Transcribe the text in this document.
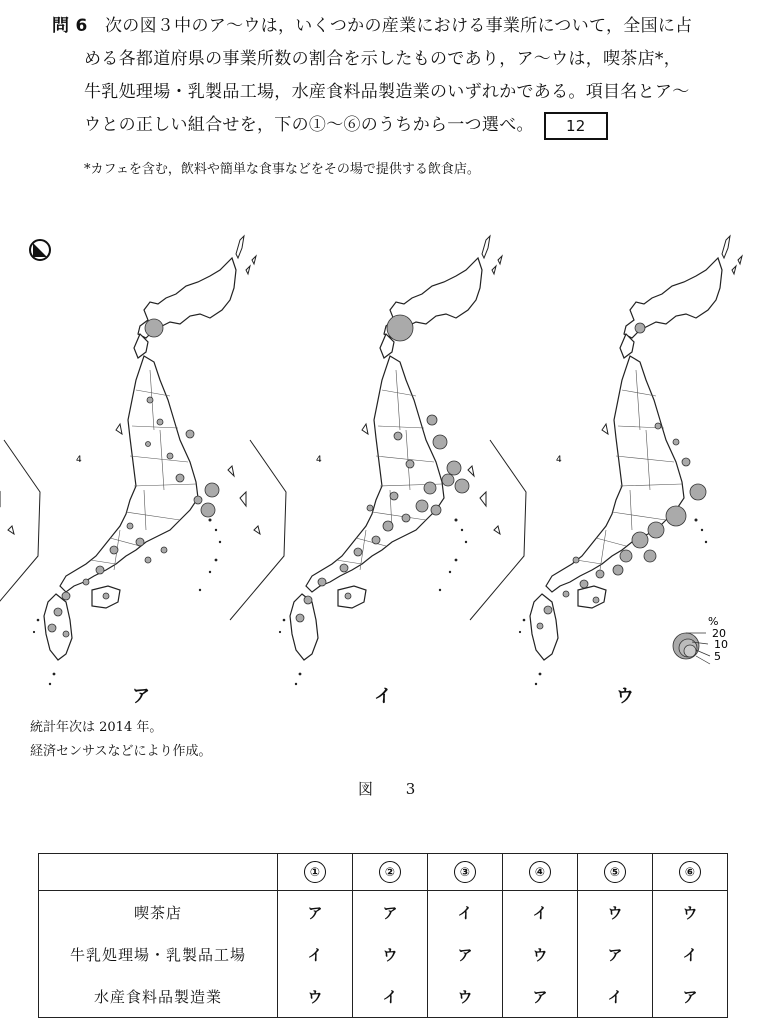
問 6　 次の図３中のア～ウは，いくつかの産業における事業所について，全国に占
める各都道府県の事業所数の割合を示したものであり，ア～ウは，喫茶店*，
牛乳処理場・乳製品工場，水産食料品製造業のいずれかである。項目名とア～
ウとの正しい組合せを，下の①～⑥のうちから一つ選べ。 12
*カフェを含む，飲料や簡単な食事などをその場で提供する飲食店。
%
20
10
5
4	4	4
ア	イ	ウ
統計年次は 2014 年。
経済センサスなどにより作成。
図 3
	①	②	③	④	⑤	⑥
喫茶店	ア	ア	イ	イ	ウ	ウ
牛乳処理場・乳製品工場	イ	ウ	ア	ウ	ア	イ
水産食料品製造業	ウ	イ	ウ	ア	イ	ア
